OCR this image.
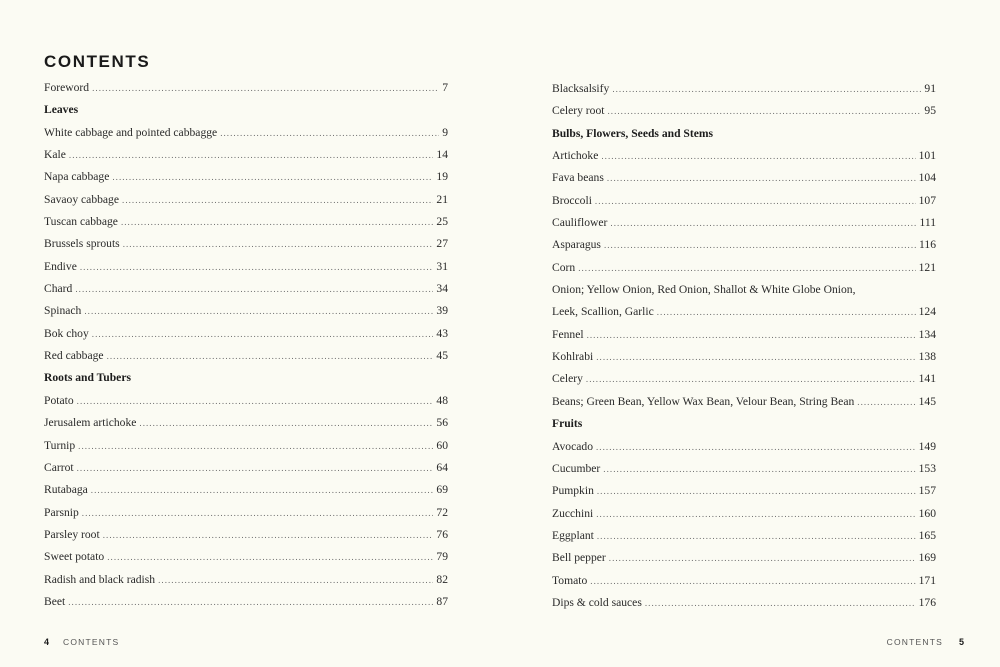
CONTENTS
Foreword . . .	7
Leaves
White cabbage and pointed cabbagge . . .	9
Kale . . .	14
Napa cabbage . . .	19
Savaoy cabbage . . .	21
Tuscan cabbage . . .	25
Brussels sprouts . . .	27
Endive . . .	31
Chard . . .	34
Spinach . . .	39
Bok choy . . .	43
Red cabbage . . .	45
Roots and Tubers
Potato . . .	48
Jerusalem artichoke . . .	56
Turnip . . .	60
Carrot . . .	64
Rutabaga . . .	69
Parsnip . . .	72
Parsley root . . .	76
Sweet potato . . .	79
Radish and black radish . . .	82
Beet . . .	87
4 CONTENTS
Blacksalsify . . .	91
Celery root . . .	95
Bulbs, Flowers, Seeds and Stems
Artichoke . . .	101
Fava beans . . .	104
Broccoli . . .	107
Cauliflower . . .	111
Asparagus . . .	116
Corn . . .	121
Onion; Yellow Onion, Red Onion, Shallot & White Globe Onion,
Leek, Scallion, Garlic . . .	124
Fennel . . .	134
Kohlrabi . . .	138
Celery . . .	141
Beans; Green Bean, Yellow Wax Bean, Velour Bean, String Bean . . .	145
Fruits
Avocado . . .	149
Cucumber . . .	153
Pumpkin . . .	157
Zucchini . . .	160
Eggplant . . .	165
Bell pepper . . .	169
Tomato . . .	171
Dips & cold sauces . . .	176
CONTENTS 5
